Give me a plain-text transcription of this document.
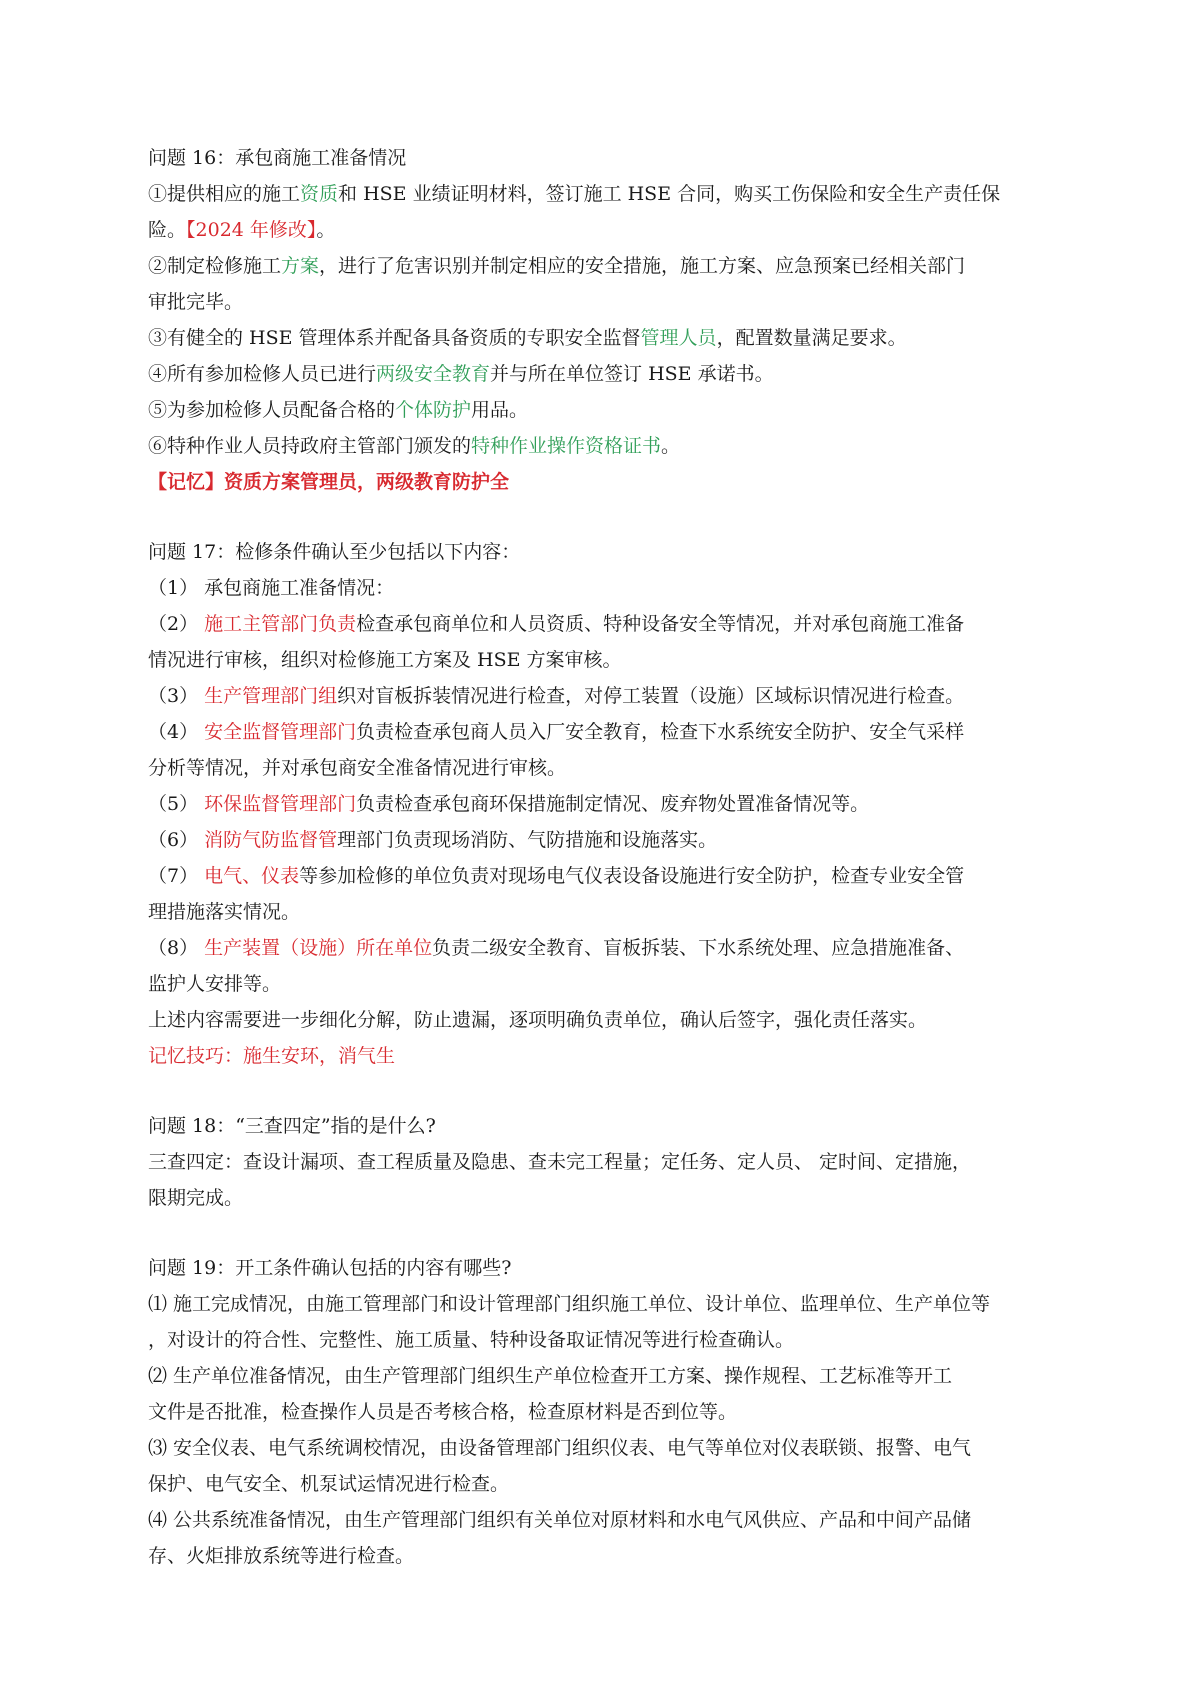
问题 16：承包商施工准备情况
①提供相应的施工资质和 HSE 业绩证明材料，签订施工 HSE 合同，购买工伤保险和安全生产责任保
险。【2024 年修改】。
②制定检修施工方案，进行了危害识别并制定相应的安全措施，施工方案、应急预案已经相关部门
审批完毕。
③有健全的 HSE 管理体系并配备具备资质的专职安全监督管理人员，配置数量满足要求。
④所有参加检修人员已进行两级安全教育并与所在单位签订 HSE 承诺书。
⑤为参加检修人员配备合格的个体防护用品。
⑥特种作业人员持政府主管部门颁发的特种作业操作资格证书。
【记忆】资质方案管理员，两级教育防护全
问题 17：检修条件确认至少包括以下内容：
（1） 承包商施工准备情况：
（2） 施工主管部门负责检查承包商单位和人员资质、特种设备安全等情况，并对承包商施工准备
情况进行审核，组织对检修施工方案及 HSE 方案审核。
（3） 生产管理部门组织对盲板拆装情况进行检查，对停工装置（设施）区域标识情况进行检查。
（4） 安全监督管理部门负责检查承包商人员入厂安全教育，检查下水系统安全防护、安全气采样
分析等情况，并对承包商安全准备情况进行审核。
（5） 环保监督管理部门负责检查承包商环保措施制定情况、废弃物处置准备情况等。
（6） 消防气防监督管理部门负责现场消防、气防措施和设施落实。
（7） 电气、仪表等参加检修的单位负责对现场电气仪表设备设施进行安全防护，检查专业安全管
理措施落实情况。
（8） 生产装置（设施）所在单位负责二级安全教育、盲板拆装、下水系统处理、应急措施准备、
监护人安排等。
上述内容需要进一步细化分解，防止遗漏，逐项明确负责单位，确认后签字，强化责任落实。
记忆技巧：施生安环，消气生
问题 18：“三查四定”指的是什么?
三查四定：查设计漏项、查工程质量及隐患、查未完工程量；定任务、定人员、 定时间、定措施，
限期完成。
问题 19：开工条件确认包括的内容有哪些?
⑴ 施工完成情况，由施工管理部门和设计管理部门组织施工单位、设计单位、监理单位、生产单位等
，对设计的符合性、完整性、施工质量、特种设备取证情况等进行检查确认。
⑵ 生产单位准备情况，由生产管理部门组织生产单位检查开工方案、操作规程、工艺标准等开工
文件是否批准，检查操作人员是否考核合格，检查原材料是否到位等。
⑶ 安全仪表、电气系统调校情况，由设备管理部门组织仪表、电气等单位对仪表联锁、报警、电气
保护、电气安全、机泵试运情况进行检查。
⑷ 公共系统准备情况，由生产管理部门组织有关单位对原材料和水电气风供应、产品和中间产品储
存、火炬排放系统等进行检查。
